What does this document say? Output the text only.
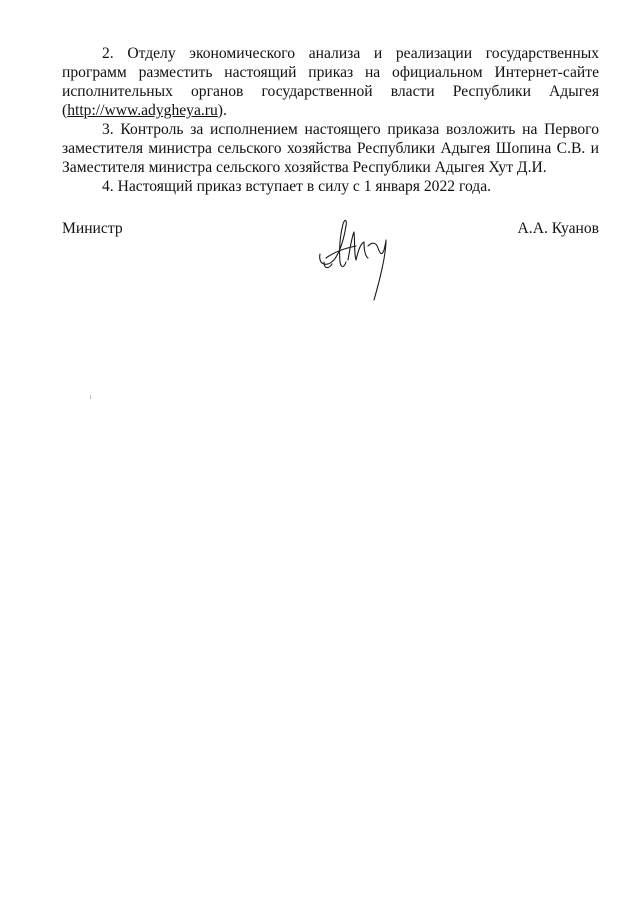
2. Отделу экономического анализа и реализации государственных программ разместить настоящий приказ на официальном Интернет-сайте исполнительных органов государственной власти Республики Адыгея (http://www.adygheya.ru).

3. Контроль за исполнением настоящего приказа возложить на Первого заместителя министра сельского хозяйства Республики Адыгея Шопина С.В. и Заместителя министра сельского хозяйства Республики Адыгея Хут Д.И.

4. Настоящий приказ вступает в силу с 1 января 2022 года.

Министр	А.А. Куанов
